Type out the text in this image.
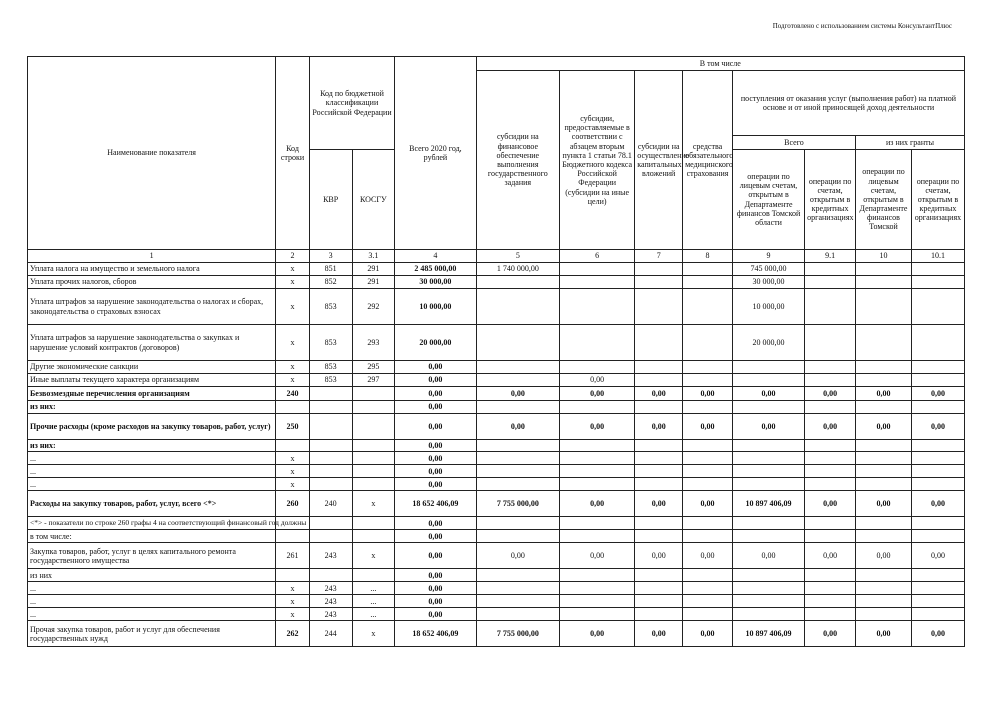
Подготовлено с использованием системы КонсультантПлюс
Наименование показателя	Код строки	Код по бюджетной классификации Российской Федерации		Всего 2020 год, рублей	В том числе							
					субсидии на финансовое обеспечение выполнения государственного задания	субсидии, предоставляемые в соответствии с абзацем вторым пункта 1 статьи 78.1 Бюджетного кодекса Российской Федерации (субсидии на иные цели)	субсидии на осуществление капитальных вложений	средства обязательного медицинского страхования	поступления от оказания услуг (выполнения работ) на платной основе и от иной приносящей доход деятельности			
									Всего		из них гранты	
		КВР	КОСГУ						операции по лицевым счетам, открытым в Департаменте финансов Томской области	операции по счетам, открытым в кредитных организациях	операции по лицевым счетам, открытым в Департаменте финансов Томской	операции по счетам, открытым в кредитных организациях
1	2	3	3.1	4	5	6	7	8	9	9.1	10	10.1
Уплата налога на имущество и земельного налога	x	851	291	2 485 000,00	1 740 000,00				745 000,00			
Уплата прочих налогов, сборов	x	852	291	30 000,00					30 000,00			
Уплата штрафов за нарушение законодательства о налогах и сборах, законодательства о страховых взносах	x	853	292	10 000,00					10 000,00			
Уплата штрафов за нарушение законодательства о закупках и нарушение условий контрактов (договоров)	x	853	293	20 000,00					20 000,00			
Другие экономические санкции	x	853	295	0,00								
Иные выплаты текущего характера организациям	x	853	297	0,00		0,00						
Безвозмездные перечисления организациям	240			0,00	0,00	0,00	0,00	0,00	0,00	0,00	0,00	0,00
из них:				0,00								
Прочие расходы (кроме расходов на закупку товаров, работ, услуг)	250			0,00	0,00	0,00	0,00	0,00	0,00	0,00	0,00	0,00
из них:				0,00								
...	x			0,00								
...	x			0,00								
...	x			0,00								
Расходы на закупку товаров, работ, услуг, всего <*>	260	240	x	18 652 406,09	7 755 000,00	0,00	0,00	0,00	10 897 406,09	0,00	0,00	0,00
<*> - показатели по строке 260 графы 4 на соответствующий финансовый год должны				0,00								
в том числе:				0,00								
Закупка товаров, работ, услуг в целях капитального ремонта государственного имущества	261	243	x	0,00	0,00	0,00	0,00	0,00	0,00	0,00	0,00	0,00
из них				0,00								
...	x	243	...	0,00								
...	x	243	...	0,00								
...	x	243	...	0,00								
Прочая закупка товаров, работ и услуг для обеспечения государственных нужд	262	244	x	18 652 406,09	7 755 000,00	0,00	0,00	0,00	10 897 406,09	0,00	0,00	0,00
